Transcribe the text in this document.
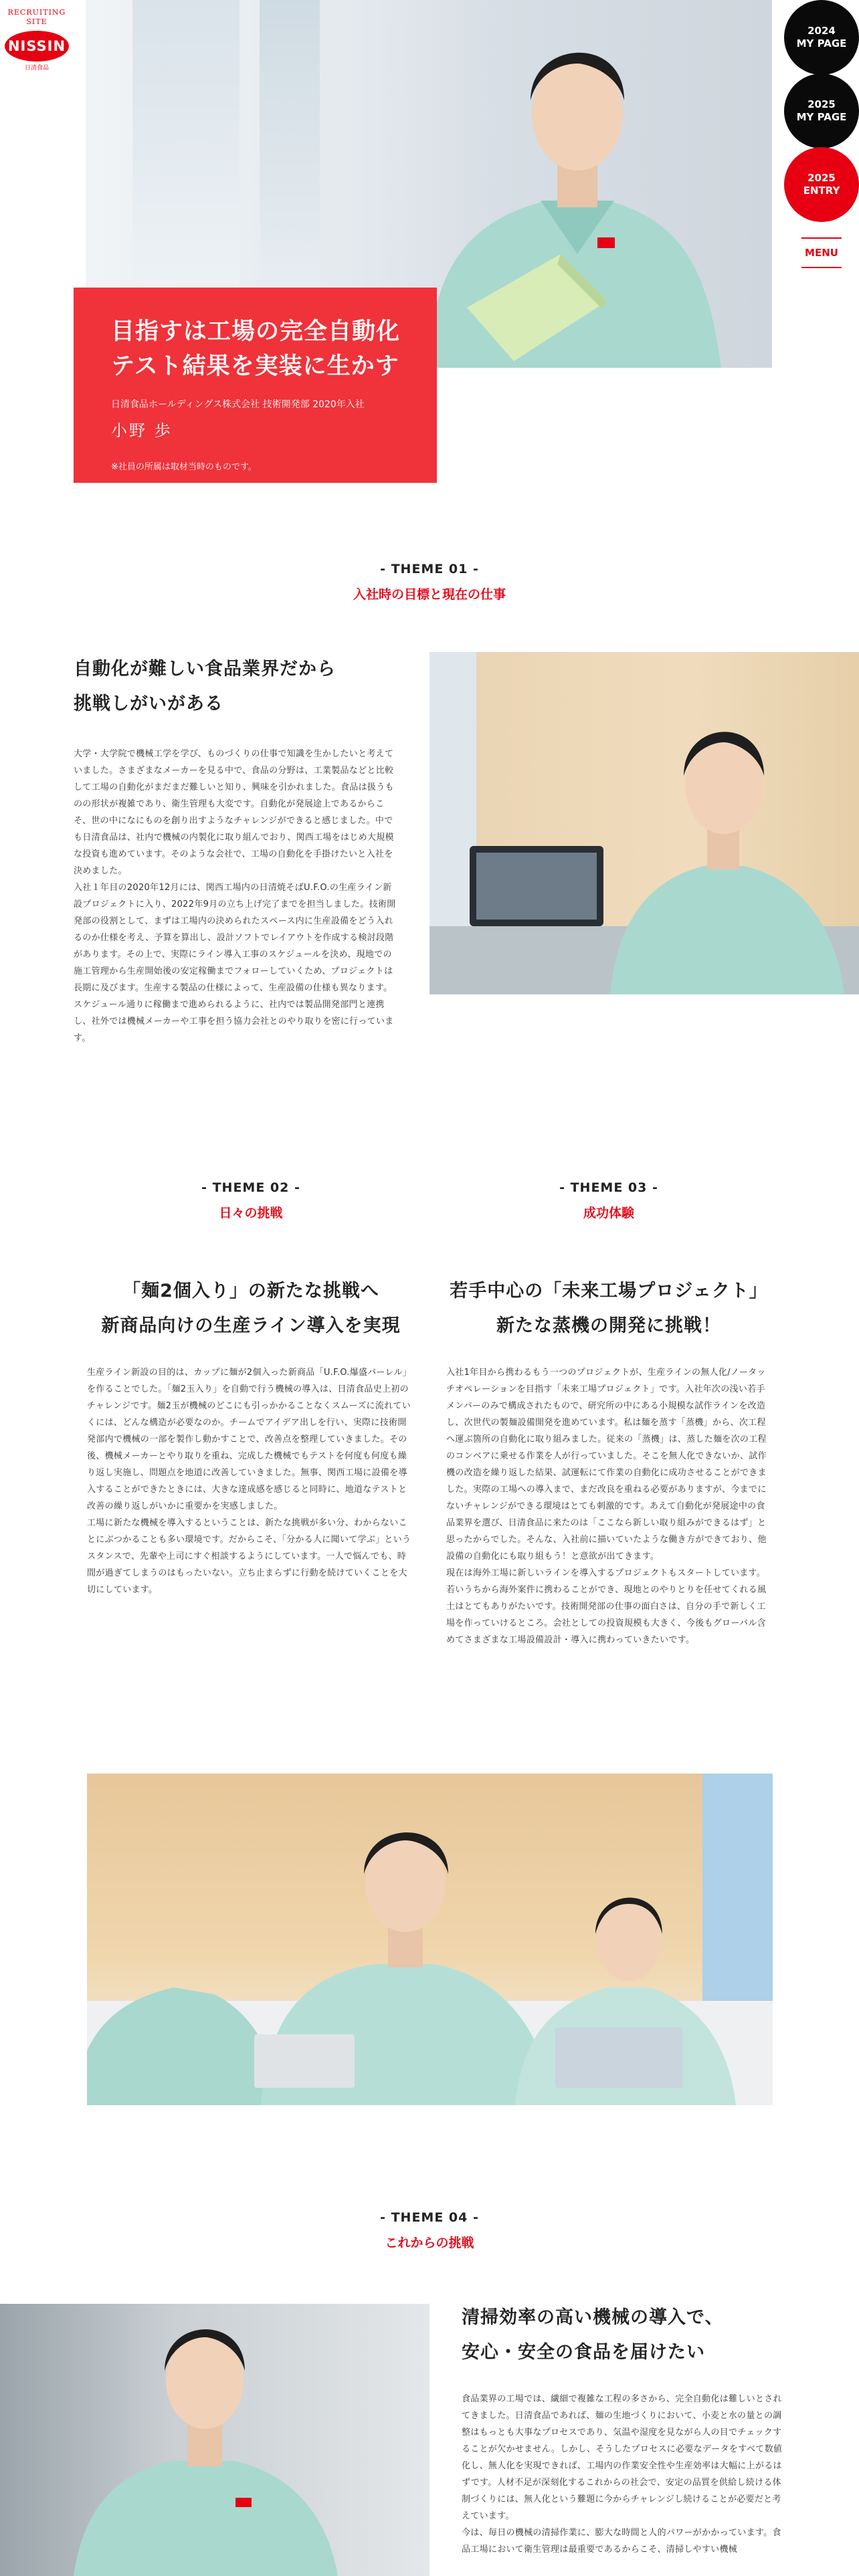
RECRUITING
SITE
NISSIN
日清食品
2024
MY PAGE
2025
MY PAGE
2025
ENTRY
MENU
目指すは工場の完全自動化
テスト結果を実装に生かす
日清食品ホールディングス株式会社 技術開発部 2020年入社
小野 歩
※社員の所属は取材当時のものです。
- THEME 01 -
入社時の目標と現在の仕事
自動化が難しい食品業界だから
挑戦しがいがある
大学・大学院で機械工学を学び、ものづくりの仕事で知識を生かしたいと考えていました。さまざまなメーカーを見る中で、食品の分野は、工業製品などと比較して工場の自動化がまだまだ難しいと知り、興味を引かれました。食品は扱うものの形状が複雑であり、衛生管理も大変です。自動化が発展途上であるからこそ、世の中になにものを創り出すようなチャレンジができると感じました。中でも日清食品は、社内で機械の内製化に取り組んでおり、関西工場をはじめ大規模な投資も進めています。そのような会社で、工場の自動化を手掛けたいと入社を決めました。
入社１年目の2020年12月には、関西工場内の日清焼そばU.F.O.の生産ライン新設プロジェクトに入り、2022年9月の立ち上げ完了までを担当しました。技術開発部の役割として、まずは工場内の決められたスペース内に生産設備をどう入れるのか仕様を考え、予算を算出し、設計ソフトでレイアウトを作成する検討段階があります。その上で、実際にライン導入工事のスケジュールを決め、現地での施工管理から生産開始後の安定稼働までフォローしていくため、プロジェクトは長期に及びます。生産する製品の仕様によって、生産設備の仕様も異なります。スケジュール通りに稼働まで進められるように、社内では製品開発部門と連携し、社外では機械メーカーや工事を担う協力会社とのやり取りを密に行っています。
- THEME 02 -
日々の挑戦
「麺2個入り」の新たな挑戦へ
新商品向けの生産ライン導入を実現
生産ライン新設の目的は、カップに麺が2個入った新商品「U.F.O.爆盛バーレル」を作ることでした。「麺2玉入り」を自動で行う機械の導入は、日清食品史上初のチャレンジです。麺2玉が機械のどこにも引っかかることなくスムーズに流れていくには、どんな構造が必要なのか。チームでアイデア出しを行い、実際に技術開発部内で機械の一部を製作し動かすことで、改善点を整理していきました。その後、機械メーカーとやり取りを重ね、完成した機械でもテストを何度も何度も繰り返し実施し、問題点を地道に改善していきました。無事、関西工場に設備を導入することができたときには、大きな達成感を感じると同時に、地道なテストと改善の繰り返しがいかに重要かを実感しました。
工場に新たな機械を導入するということは、新たな挑戦が多い分、わからないことにぶつかることも多い環境です。だからこそ、「分かる人に聞いて学ぶ」というスタンスで、先輩や上司にすぐ相談するようにしています。一人で悩んでも、時間が過ぎてしまうのはもったいない。立ち止まらずに行動を続けていくことを大切にしています。
- THEME 03 -
成功体験
若手中心の「未来工場プロジェクト」
新たな蒸機の開発に挑戦！
入社1年目から携わるもう一つのプロジェクトが、生産ラインの無人化/ノータッチオペレーションを目指す「未来工場プロジェクト」です。入社年次の浅い若手メンバーのみで構成されたもので、研究所の中にある小規模な試作ラインを改造し、次世代の製麺設備開発を進めています。私は麺を蒸す「蒸機」から、次工程へ運ぶ箇所の自動化に取り組みました。従来の「蒸機」は、蒸した麺を次の工程のコンベアに乗せる作業を人が行っていました。そこを無人化できないか、試作機の改造を繰り返した結果、試運転にて作業の自動化に成功させることができました。実際の工場への導入まで、まだ改良を重ねる必要がありますが、今までにないチャレンジができる環境はとても刺激的です。あえて自動化が発展途中の食品業界を選び、日清食品に来たのは「ここなら新しい取り組みができるはず」と思ったからでした。そんな、入社前に描いていたような働き方ができており、他設備の自動化にも取り組もう！と意欲が出てきます。
現在は海外工場に新しいラインを導入するプロジェクトもスタートしています。若いうちから海外案件に携わることができ、現地とのやりとりを任せてくれる風土はとてもありがたいです。技術開発部の仕事の面白さは、自分の手で新しく工場を作っていけるところ。会社としての投資規模も大きく、今後もグローバル含めてさまざまな工場設備設計・導入に携わっていきたいです。
- THEME 04 -
これからの挑戦
清掃効率の高い機械の導入で、
安心・安全の食品を届けたい
食品業界の工場では、繊細で複雑な工程の多さから、完全自動化は難しいとされてきました。日清食品であれば、麺の生地づくりにおいて、小麦と水の量との調整はもっとも大事なプロセスであり、気温や湿度を見ながら人の目でチェックすることが欠かせません。しかし、そうしたプロセスに必要なデータをすべて数値化し、無人化を実現できれば、工場内の作業安全性や生産効率は大幅に上がるはずです。人材不足が深刻化するこれからの社会で、安定の品質を供給し続ける体制づくりには、無人化という難題に今からチャレンジし続けることが必要だと考えています。
今は、毎日の機械の清掃作業に、膨大な時間と人的パワーがかかっています。食品工場において衛生管理は最重要であるからこそ、清掃しやすい機械
